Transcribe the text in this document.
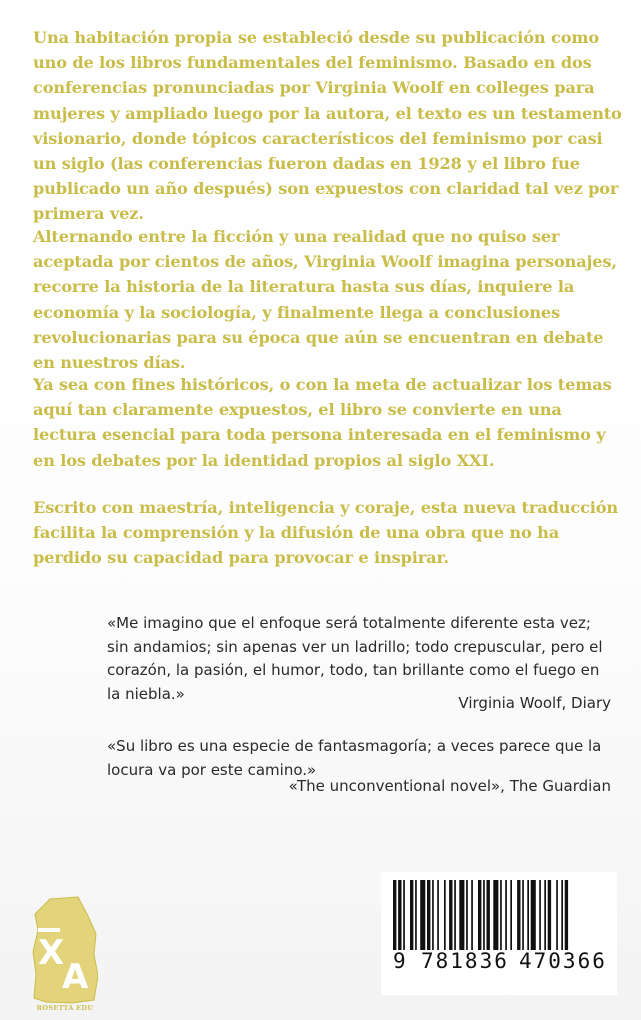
Una habitación propia se estableció desde su publicación como uno de los libros fundamentales del feminismo. Basado en dos conferencias pronunciadas por Virginia Woolf en colleges para mujeres y ampliado luego por la autora, el texto es un testamento visionario, donde tópicos característicos del feminismo por casi un siglo (las conferencias fueron dadas en 1928 y el libro fue publicado un año después) son expuestos con claridad tal vez por primera vez.

Alternando entre la ficción y una realidad que no quiso ser aceptada por cientos de años, Virginia Woolf imagina personajes, recorre la historia de la literatura hasta sus días, inquiere la economía y la sociología, y finalmente llega a conclusiones revolucionarias para su época que aún se encuentran en debate en nuestros días.

Ya sea con fines históricos, o con la meta de actualizar los temas aquí tan claramente expuestos, el libro se convierte en una lectura esencial para toda persona interesada en el feminismo y en los debates por la identidad propios al siglo XXI.

Escrito con maestría, inteligencia y coraje, esta nueva traducción facilita la comprensión y la difusión de una obra que no ha perdido su capacidad para provocar e inspirar.

«Me imagino que el enfoque será totalmente diferente esta vez; sin andamios; sin apenas ver un ladrillo; todo crepuscular, pero el corazón, la pasión, el humor, todo, tan brillante como el fuego en la niebla.»

Virginia Woolf, Diary

«Su libro es una especie de fantasmagoría; a veces parece que la locura va por este camino.»

«The unconventional novel», The Guardian
X
A
ROSETTA EDU
9 781836 470366
